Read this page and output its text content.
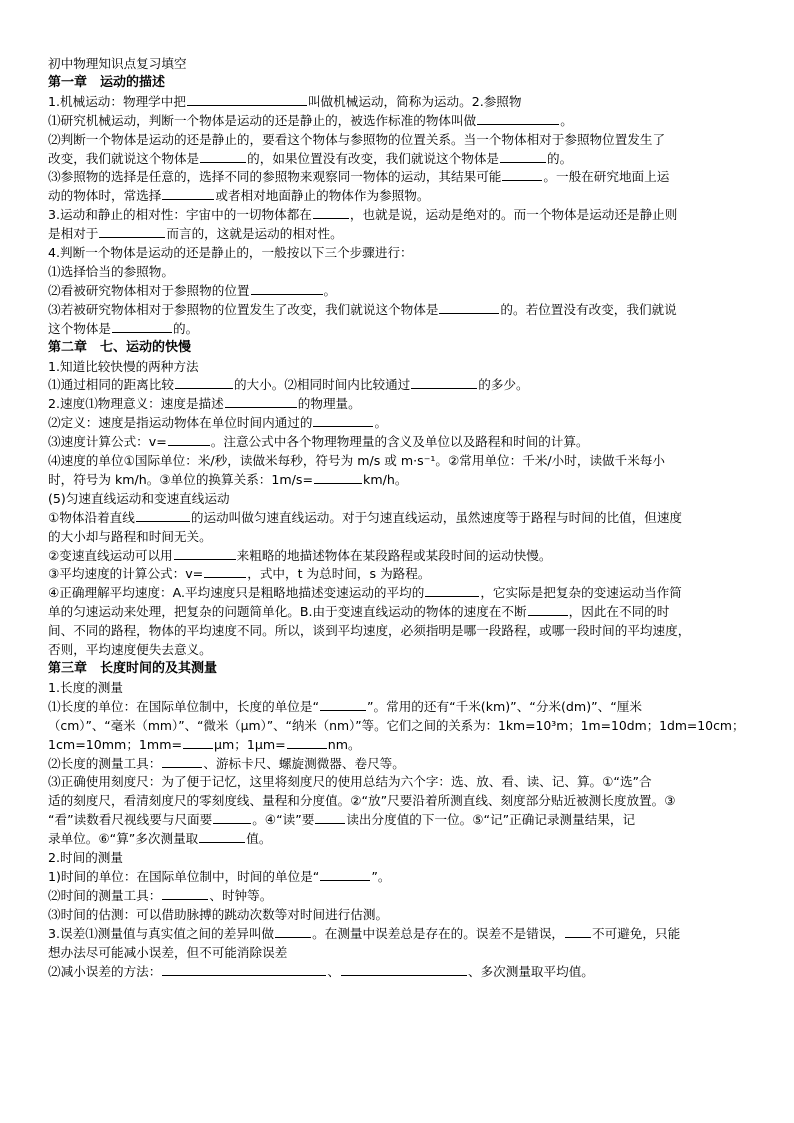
初中物理知识点复习填空
第一章　运动的描述
1.机械运动：物理学中把	叫做机械运动，简称为运动。2.参照物
⑴研究机械运动，判断一个物体是运动的还是静止的，被选作标准的物体叫做	。
⑵判断一个物体是运动的还是静止的，要看这个物体与参照物的位置关系。当一个物体相对于参照物位置发生了
改变，我们就说这个物体是	的，如果位置没有改变，我们就说这个物体是	的。
⑶参照物的选择是任意的，选择不同的参照物来观察同一物体的运动，其结果可能	。一般在研究地面上运
动的物体时，常选择	或者相对地面静止的物体作为参照物。
3.运动和静止的相对性：宇宙中的一切物体都在	，也就是说，运动是绝对的。而一个物体是运动还是静止则
是相对于	而言的，这就是运动的相对性。
4.判断一个物体是运动的还是静止的，一般按以下三个步骤进行：
⑴选择恰当的参照物。
⑵看被研究物体相对于参照物的位置	。
⑶若被研究物体相对于参照物的位置发生了改变，我们就说这个物体是	的。若位置没有改变，我们就说
这个物体是	的。
第二章　七、运动的快慢
1.知道比较快慢的两种方法
⑴通过相同的距离比较	的大小。⑵相同时间内比较通过	的多少。
2.速度⑴物理意义：速度是描述	的物理量。
⑵定义：速度是指运动物体在单位时间内通过的	。
⑶速度计算公式：v=	。注意公式中各个物理物理量的含义及单位以及路程和时间的计算。
⑷速度的单位①国际单位：米/秒，读做米每秒，符号为 m/s 或 m·s⁻¹。②常用单位：千米/小时，读做千米每小
时，符号为 km/h。③单位的换算关系：1m/s=	km/h。
(5)匀速直线运动和变速直线运动
①物体沿着直线	的运动叫做匀速直线运动。对于匀速直线运动，虽然速度等于路程与时间的比值，但速度
的大小却与路程和时间无关。
②变速直线运动可以用	来粗略的地描述物体在某段路程或某段时间的运动快慢。
③平均速度的计算公式：v=	，式中，t 为总时间，s 为路程。
④正确理解平均速度：A.平均速度只是粗略地描述变速运动的平均的	，它实际是把复杂的变速运动当作简
单的匀速运动来处理，把复杂的问题简单化。B.由于变速直线运动的物体的速度在不断	，因此在不同的时
间、不同的路程，物体的平均速度不同。所以，谈到平均速度，必须指明是哪一段路程，或哪一段时间的平均速度，
否则，平均速度便失去意义。
第三章　长度时间的及其测量
1.长度的测量
⑴长度的单位：在国际单位制中，长度的单位是“	”。常用的还有“千米(km)”、“分米(dm)”、“厘米
（cm）”、“毫米（mm）”、“微米（μm）”、“纳米（nm）”等。它们之间的关系为：1km=10³m；1m=10dm；1dm=10cm；
1cm=10mm；1mm=	μm；1μm=	nm。
⑵长度的测量工具：	、游标卡尺、螺旋测微器、卷尺等。
⑶正确使用刻度尺：为了便于记忆，这里将刻度尺的使用总结为六个字：选、放、看、读、记、算。①“选”合
适的刻度尺，看清刻度尺的零刻度线、量程和分度值。②“放”尺要沿着所测直线、刻度部分贴近被测长度放置。③
“看”读数看尺视线要与尺面要	。④“读”要	读出分度值的下一位。⑤“记”正确记录测量结果，记
录单位。⑥“算”多次测量取	值。
2.时间的测量
1)时间的单位：在国际单位制中，时间的单位是“	”。
⑵时间的测量工具：	、时钟等。
⑶时间的估测：可以借助脉搏的跳动次数等对时间进行估测。
3.误差⑴测量值与真实值之间的差异叫做	。在测量中误差总是存在的。误差不是错误， 不可避免，只能
想办法尽可能减小误差，但不可能消除误差
⑵减小误差的方法：	、	、多次测量取平均值。
